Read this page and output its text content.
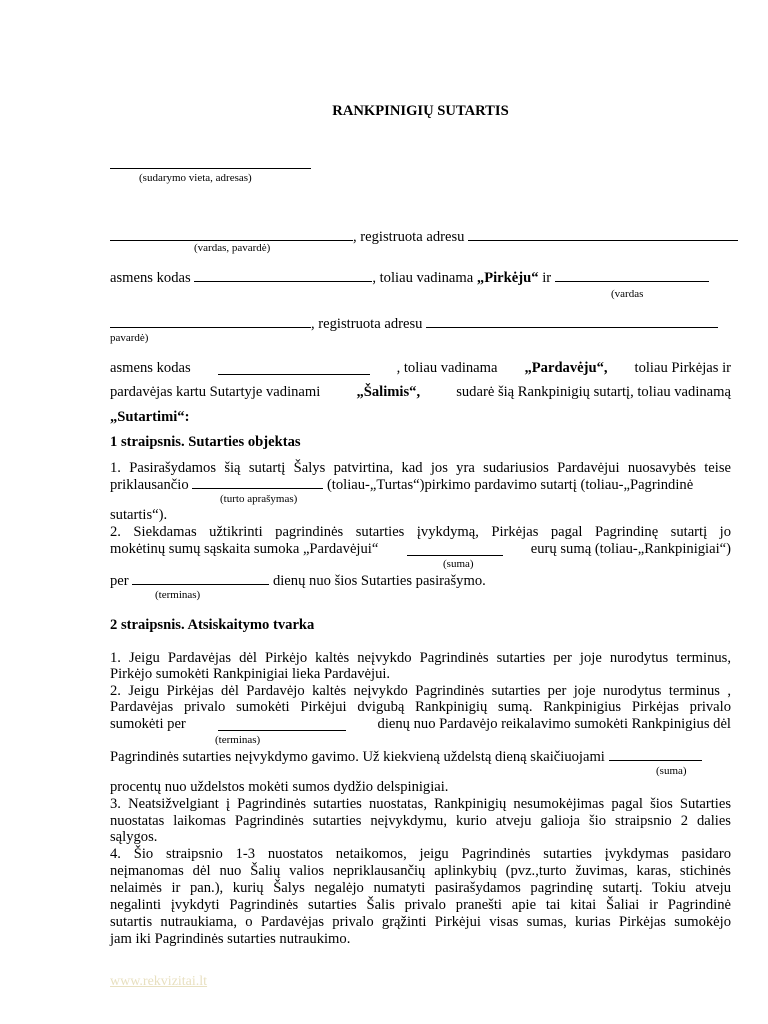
RANKPINIGIŲ SUTARTIS
(sudarymo vieta, adresas)
, registruota adresu
(vardas, pavardė)
asmens kodas	, toliau vadinama „Pirkėju“ ir
(vardas
, registruota adresu
pavardė)
asmens kodas	, toliau vadinama „Pardavėju“, toliau Pirkėjas ir
pardavėjas kartu Sutartyje vadinami „Šalimis“, sudarė šią Rankpinigių sutartį, toliau vadinamą
„Sutartimi“:
1 straipsnis. Sutarties objektas
1. Pasirašydamos šią sutartį Šalys patvirtina, kad jos yra sudariusios Pardavėjui nuosavybės teise
priklausančio	(toliau-„Turtas“)pirkimo pardavimo sutartį (toliau-„Pagrindinė
(turto aprašymas)
sutartis“).
2. Siekdamas užtikrinti pagrindinės sutarties įvykdymą, Pirkėjas pagal Pagrindinę sutartį jo
mokėtinų sumų sąskaita sumoka „Pardavėjui“	eurų sumą (toliau-„Rankpinigiai“)
(suma)
per	dienų nuo šios Sutarties pasirašymo.
(terminas)
2 straipsnis. Atsiskaitymo tvarka
1. Jeigu Pardavėjas dėl Pirkėjo kaltės neįvykdo Pagrindinės sutarties per joje nurodytus terminus,
Pirkėjo sumokėti Rankpinigiai lieka Pardavėjui.
2. Jeigu Pirkėjas dėl Pardavėjo kaltės neįvykdo Pagrindinės sutarties per joje nurodytus terminus ,
Pardavėjas privalo sumokėti Pirkėjui dvigubą Rankpinigių sumą. Rankpinigius Pirkėjas privalo
sumokėti per	dienų nuo Pardavėjo reikalavimo sumokėti Rankpinigius dėl
(terminas)
Pagrindinės sutarties neįvykdymo gavimo. Už kiekvieną uždelstą dieną skaičiuojami
(suma)
procentų nuo uždelstos mokėti sumos dydžio delspinigiai.
3. Neatsižvelgiant į Pagrindinės sutarties nuostatas, Rankpinigių nesumokėjimas pagal šios Sutarties
nuostatas laikomas Pagrindinės sutarties neįvykdymu, kurio atveju galioja šio straipsnio 2 dalies
sąlygos.
4. Šio straipsnio 1-3 nuostatos netaikomos, jeigu Pagrindinės sutarties įvykdymas pasidaro
neįmanomas dėl nuo Šalių valios nepriklausančių aplinkybių (pvz.,turto žuvimas, karas, stichinės
nelaimės ir pan.), kurių Šalys negalėjo numatyti pasirašydamos pagrindinę sutartį. Tokiu atveju
negalinti įvykdyti Pagrindinės sutarties Šalis privalo pranešti apie tai kitai Šaliai ir Pagrindinė
sutartis nutraukiama, o Pardavėjas privalo grąžinti Pirkėjui visas sumas, kurias Pirkėjas sumokėjo
jam iki Pagrindinės sutarties nutraukimo.
www.rekvizitai.lt
